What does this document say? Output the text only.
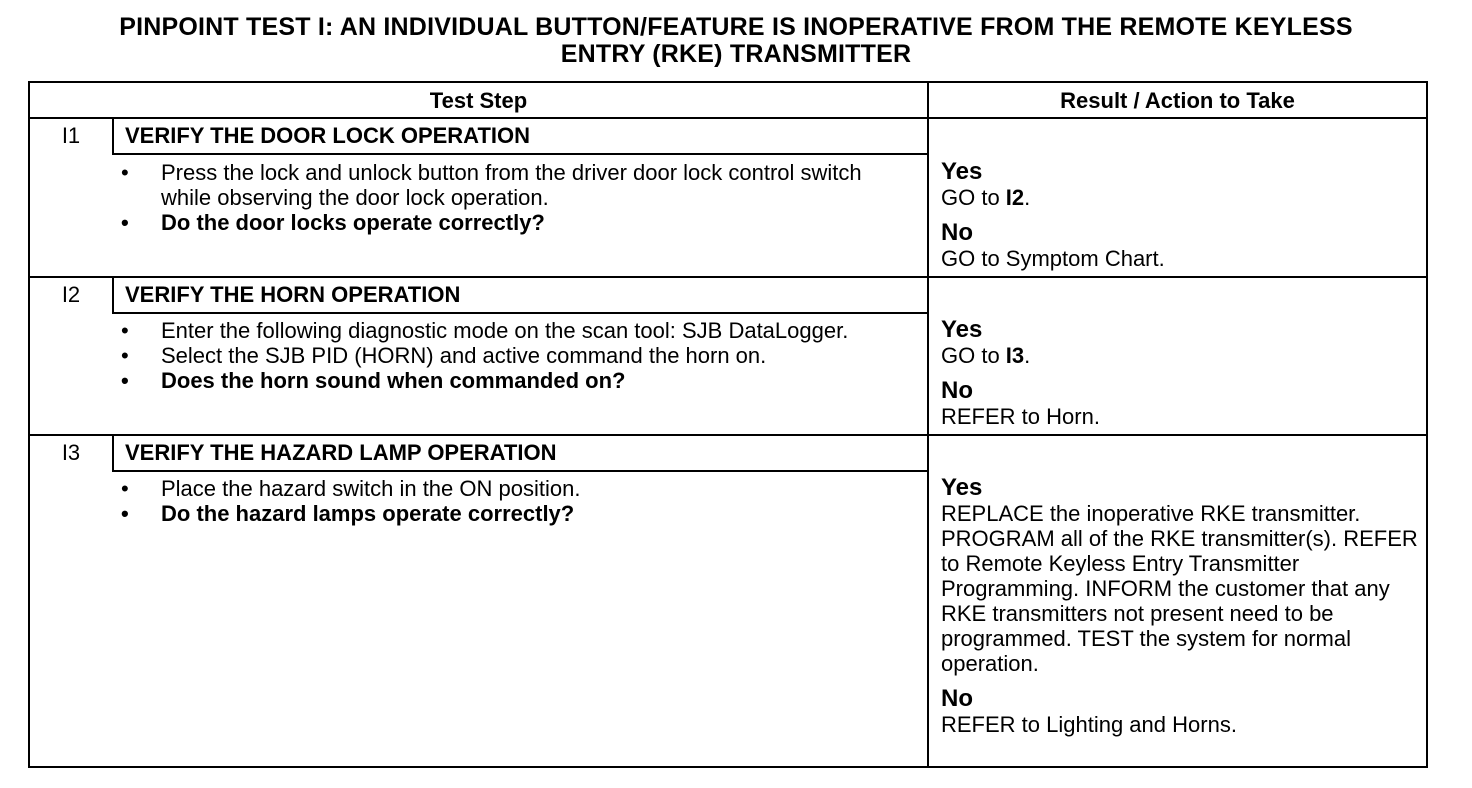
PINPOINT TEST I: AN INDIVIDUAL BUTTON/FEATURE IS INOPERATIVE FROM THE REMOTE KEYLESS
ENTRY (RKE) TRANSMITTER
Test Step	Result / Action to Take
I1	VERIFY THE DOOR LOCK OPERATION
• Press the lock and unlock button from the driver door lock control switch while observing the door lock operation.
• Do the door locks operate correctly?
Yes
GO to I2.
No
GO to Symptom Chart.
I2	VERIFY THE HORN OPERATION
• Enter the following diagnostic mode on the scan tool: SJB DataLogger.
• Select the SJB PID (HORN) and active command the horn on.
• Does the horn sound when commanded on?
Yes
GO to I3.
No
REFER to Horn.
I3	VERIFY THE HAZARD LAMP OPERATION
• Place the hazard switch in the ON position.
• Do the hazard lamps operate correctly?
Yes
REPLACE the inoperative RKE transmitter. PROGRAM all of the RKE transmitter(s). REFER to Remote Keyless Entry Transmitter Programming. INFORM the customer that any RKE transmitters not present need to be programmed. TEST the system for normal operation.
No
REFER to Lighting and Horns.
